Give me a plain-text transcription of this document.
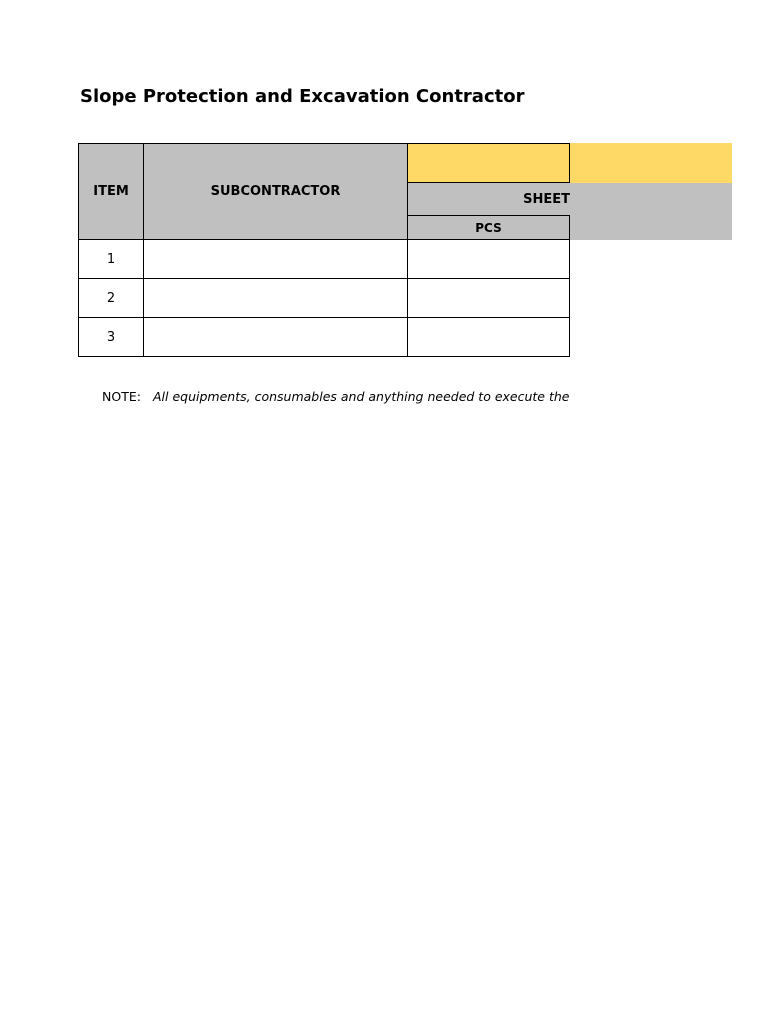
Slope Protection and Excavation Contractor
ITEM	SUBCONTRACTOR	SHEET
PCS
1
2
3
NOTE: All equipments, consumables and anything needed to execute the
